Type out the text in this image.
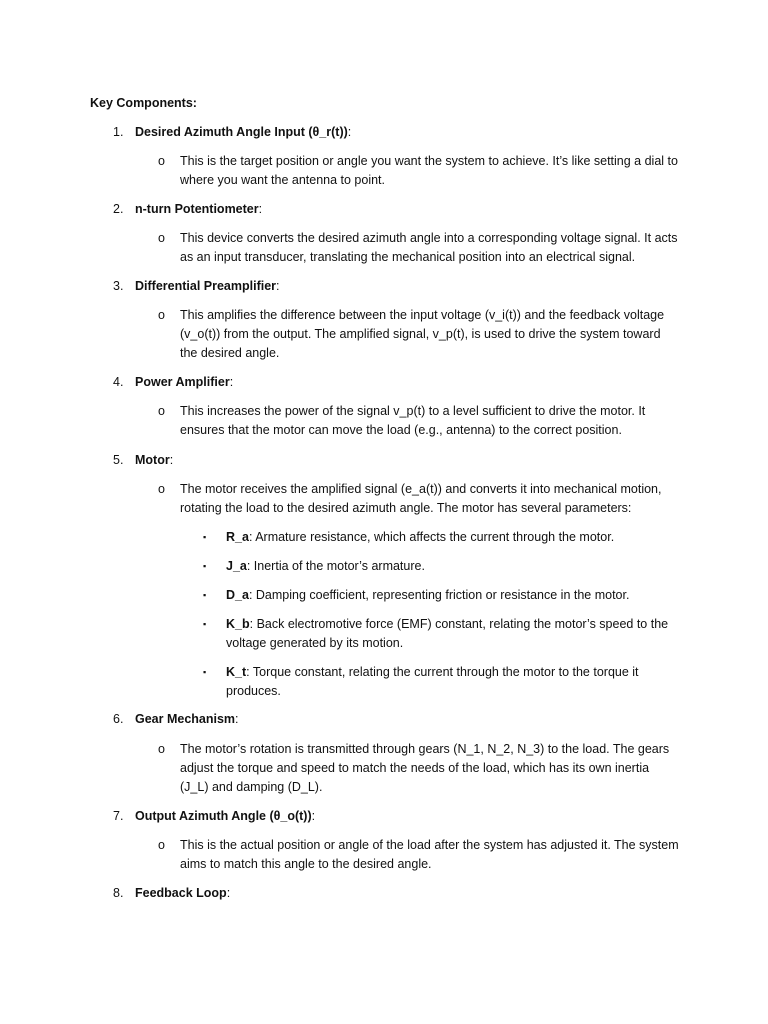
Key Components:
1. Desired Azimuth Angle Input (θ_r(t)):
o This is the target position or angle you want the system to achieve. It’s like setting a dial to where you want the antenna to point.
2. n-turn Potentiometer:
o This device converts the desired azimuth angle into a corresponding voltage signal. It acts as an input transducer, translating the mechanical position into an electrical signal.
3. Differential Preamplifier:
o This amplifies the difference between the input voltage (v_i(t)) and the feedback voltage (v_o(t)) from the output. The amplified signal, v_p(t), is used to drive the system toward the desired angle.
4. Power Amplifier:
o This increases the power of the signal v_p(t) to a level sufficient to drive the motor. It ensures that the motor can move the load (e.g., antenna) to the correct position.
5. Motor:
o The motor receives the amplified signal (e_a(t)) and converts it into mechanical motion, rotating the load to the desired azimuth angle. The motor has several parameters:
▪ R_a: Armature resistance, which affects the current through the motor.
▪ J_a: Inertia of the motor’s armature.
▪ D_a: Damping coefficient, representing friction or resistance in the motor.
▪ K_b: Back electromotive force (EMF) constant, relating the motor’s speed to the voltage generated by its motion.
▪ K_t: Torque constant, relating the current through the motor to the torque it produces.
6. Gear Mechanism:
o The motor’s rotation is transmitted through gears (N_1, N_2, N_3) to the load. The gears adjust the torque and speed to match the needs of the load, which has its own inertia (J_L) and damping (D_L).
7. Output Azimuth Angle (θ_o(t)):
o This is the actual position or angle of the load after the system has adjusted it. The system aims to match this angle to the desired angle.
8. Feedback Loop:
